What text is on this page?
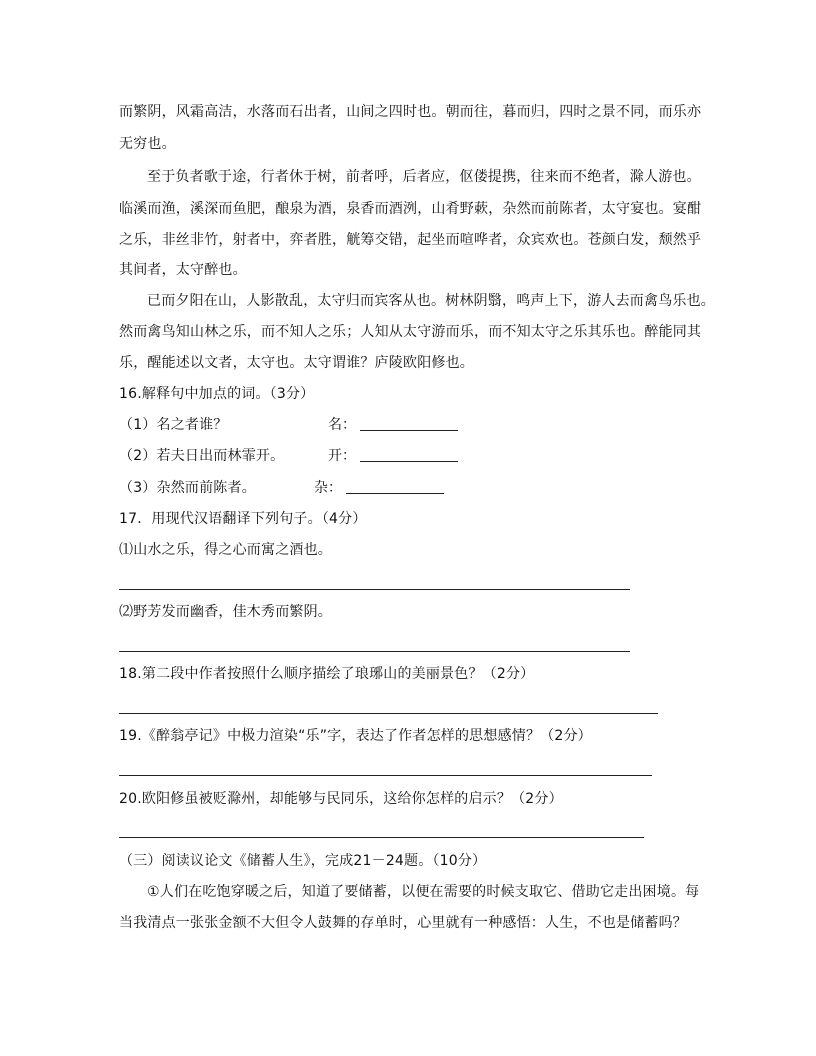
而繁阴，风霜高洁，水落而石出者，山间之四时也。朝而往，暮而归，四时之景不同，而乐亦
无穷也。
至于负者歌于途，行者休于树，前者呼，后者应，伛偻提携，往来而不绝者，滁人游也。
临溪而渔，溪深而鱼肥，酿泉为酒，泉香而酒洌，山肴野蔌，杂然而前陈者，太守宴也。宴酣
之乐，非丝非竹，射者中，弈者胜，觥筹交错，起坐而喧哗者，众宾欢也。苍颜白发，颓然乎
其间者，太守醉也。
已而夕阳在山，人影散乱，太守归而宾客从也。树林阴翳，鸣声上下，游人去而禽鸟乐也。
然而禽鸟知山林之乐，而不知人之乐；人知从太守游而乐，而不知太守之乐其乐也。醉能同其
乐，醒能述以文者，太守也。太守谓谁？庐陵欧阳修也。
16.解释句中加点的词。（3分）
（1）名之者谁？	名：
（2）若夫日出而林霏开。	开：
（3）杂然而前陈者。	杂：
17．用现代汉语翻译下列句子。（4分）
⑴山水之乐，得之心而寓之酒也。
⑵野芳发而幽香，佳木秀而繁阴。
18.第二段中作者按照什么顺序描绘了琅琊山的美丽景色？（2分）
19.《醉翁亭记》中极力渲染“乐”字，表达了作者怎样的思想感情？（2分）
20.欧阳修虽被贬滁州，却能够与民同乐，这给你怎样的启示？（2分）
（三）阅读议论文《储蓄人生》，完成21－24题。（10分）
①人们在吃饱穿暖之后，知道了要储蓄，以便在需要的时候支取它、借助它走出困境。每
当我清点一张张金额不大但令人鼓舞的存单时，心里就有一种感悟：人生，不也是储蓄吗？
